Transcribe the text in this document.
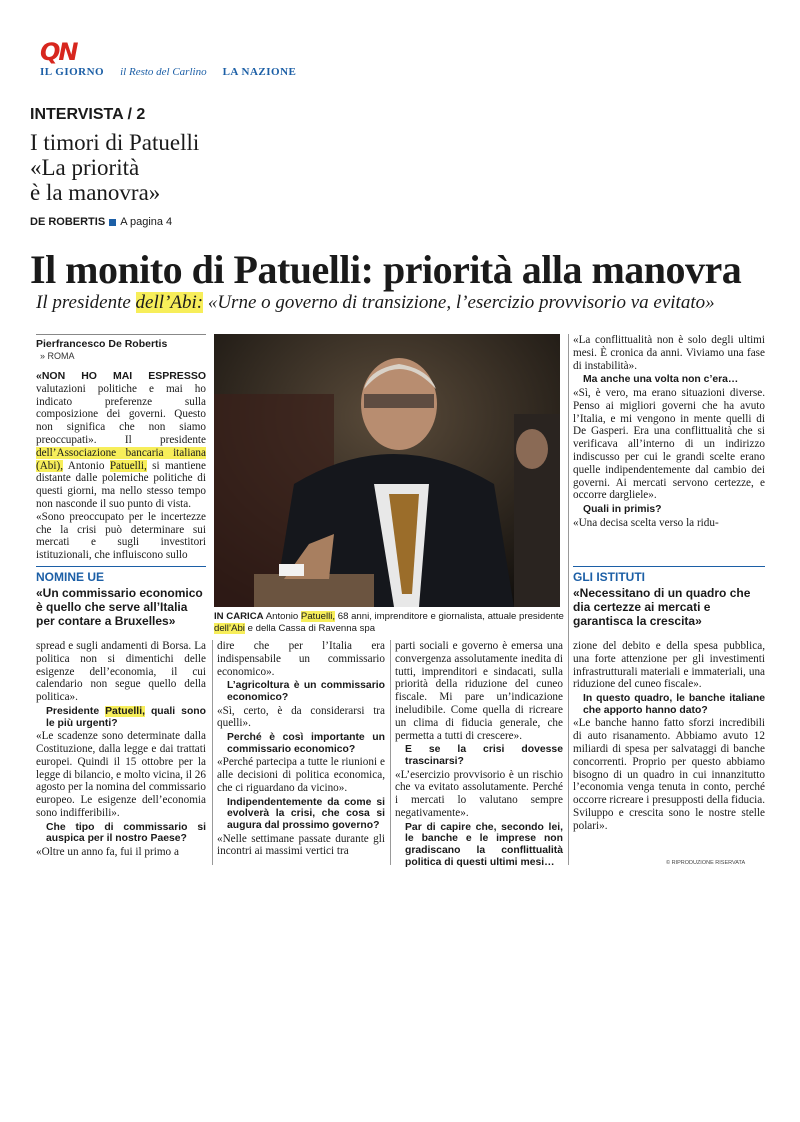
QN
IL GIORNO il Resto del Carlino LA NAZIONE
INTERVISTA / 2
I timori di Patuelli
«La priorità
è la manovra»
DE ROBERTIS A pagina 4
Il monito di Patuelli: priorità alla manovra
Il presidente dell’Abi: «Urne o governo di transizione, l’esercizio provvisorio va evitato»
Pierfrancesco De Robertis
» ROMA

«NON HO MAI ESPRESSO valutazioni politiche e mai ho indicato preferenze sulla composizione dei governi. Questo non significa che non siamo preoccupati». Il presidente dell’Associazione bancaria italiana (Abi), Antonio Patuelli, si mantiene distante dalle polemiche politiche di questi giorni, ma nello stesso tempo non nasconde il suo punto di vista.

«Sono preoccupato per le incertezze che la crisi può determinare sui mercati e sugli investitori istituzionali, che influiscono sullo

NOMINE UE
«Un commissario economico è quello che serve all’Italia per contare a Bruxelles»	IN CARICA Antonio Patuelli, 68 anni, imprenditore e giornalista, attuale presidente dell’Abi e della Cassa di Ravenna spa

spread e sugli andamenti di Borsa. La politica non si dimentichi delle esigenze dell’economia, il cui calendario non segue quello della politica».

Presidente Patuelli, quali sono le più urgenti?

«Le scadenze sono determinate dalla Costituzione, dalla legge e dai trattati europei. Quindi il 15 ottobre per la legge di bilancio, e molto vicina, il 26 agosto per la nomina del commissario europeo. Le esigenze dell’economia sono indifferibili».

Che tipo di commissario si auspica per il nostro Paese?

«Oltre un anno fa, fui il primo a

dire che per l’Italia era indispensabile un commissario economico».

L’agricoltura è un commissario economico?

«Sì, certo, è da considerarsi tra quelli».

Perché è così importante un commissario economico?

«Perché partecipa a tutte le riunioni e alle decisioni di politica economica, che ci riguardano da vicino».

Indipendentemente da come si evolverà la crisi, che cosa si augura dal prossimo governo?

«Nelle settimane passate durante gli incontri ai massimi vertici tra

parti sociali e governo è emersa una convergenza assolutamente inedita di tutti, imprenditori e sindacati, sulla priorità della riduzione del cuneo fiscale. Mi pare un’indicazione ineludibile. Come quella di ricreare un clima di fiducia generale, che permetta a tutti di crescere».

E se la crisi dovesse trascinarsi?

«L’esercizio provvisorio è un rischio che va evitato assolutamente. Perché i mercati lo valutano sempre negativamente».

Par di capire che, secondo lei, le banche e le imprese non gradiscano la conflittualità politica di questi ultimi mesi…

«La conflittualità non è solo degli ultimi mesi. È cronica da anni. Viviamo una fase di instabilità».

Ma anche una volta non c’era…

«Sì, è vero, ma erano situazioni diverse. Penso ai migliori governi che ha avuto l’Italia, e mi vengono in mente quelli di De Gasperi. Era una conflittualità che si verificava all’interno di un indirizzo indiscusso per cui le grandi scelte erano quelle indipendentemente dal cambio dei governi. Ai mercati servono certezze, e occorre dargliele».

Quali in primis?

«Una decisa scelta verso la ridu-

GLI ISTITUTI
«Necessitano di un quadro che dia certezze ai mercati e garantisca la crescita»

zione del debito e della spesa pubblica, una forte attenzione per gli investimenti infrastrutturali materiali e immateriali, una riduzione del cuneo fiscale».

In questo quadro, le banche italiane che apporto hanno dato?

«Le banche hanno fatto sforzi incredibili di auto risanamento. Abbiamo avuto 12 miliardi di spesa per salvataggi di banche concorrenti. Proprio per questo abbiamo bisogno di un quadro in cui innanzitutto l’economia venga tenuta in conto, perché occorre ricreare i presupposti della fiducia. Sviluppo e crescita sono le nostre stelle polari».

© RIPRODUZIONE RISERVATA
